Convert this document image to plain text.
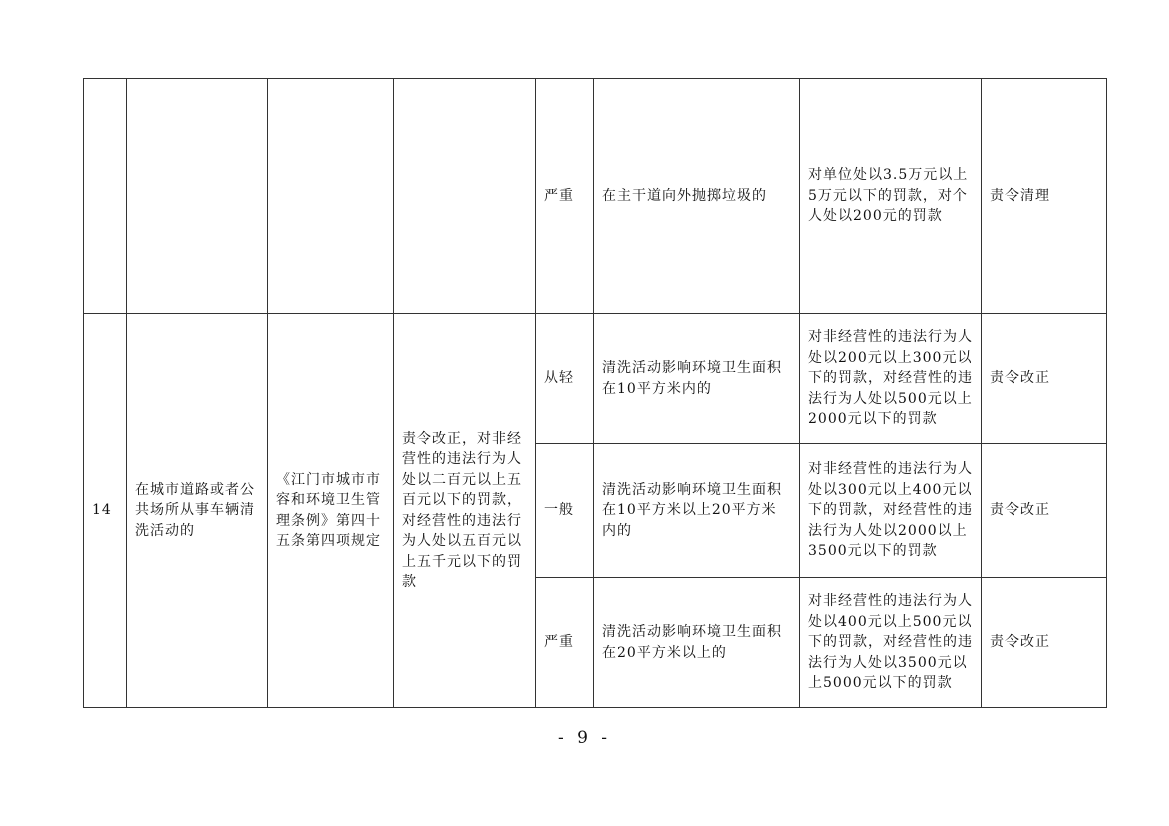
				严重	在主干道向外抛掷垃圾的	对单位处以3.5万元以上5万元以下的罚款，对个人处以200元的罚款	责令清理
14	在城市道路或者公共场所从事车辆清洗活动的	《江门市城市市容和环境卫生管理条例》第四十五条第四项规定	责令改正，对非经营性的违法行为人处以二百元以上五百元以下的罚款，对经营性的违法行为人处以五百元以上五千元以下的罚款	从轻	清洗活动影响环境卫生面积在10平方米内的	对非经营性的违法行为人处以200元以上300元以下的罚款，对经营性的违法行为人处以500元以上2000元以下的罚款	责令改正
				一般	清洗活动影响环境卫生面积在10平方米以上20平方米内的	对非经营性的违法行为人处以300元以上400元以下的罚款，对经营性的违法行为人处以2000以上3500元以下的罚款	责令改正
				严重	清洗活动影响环境卫生面积在20平方米以上的	对非经营性的违法行为人处以400元以上500元以下的罚款，对经营性的违法行为人处以3500元以上5000元以下的罚款	责令改正
- 9 -
